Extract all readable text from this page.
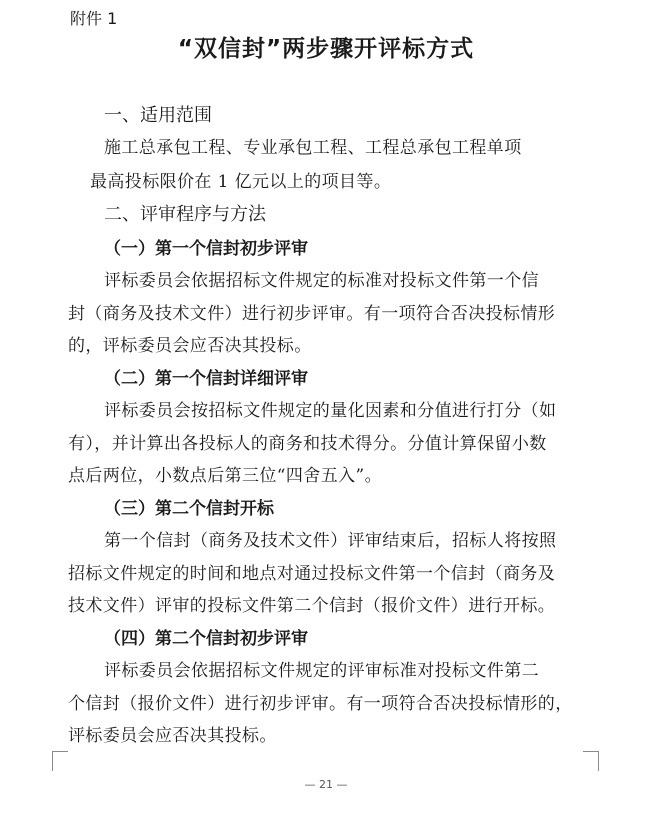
附件 1
“双信封”两步骤开评标方式
一、适用范围
施工总承包工程、专业承包工程、工程总承包工程单项
最高投标限价在 1 亿元以上的项目等。
二、评审程序与方法
（一）第一个信封初步评审
评标委员会依据招标文件规定的标准对投标文件第一个信
封（商务及技术文件）进行初步评审。有一项符合否决投标情形
的，评标委员会应否决其投标。
（二）第一个信封详细评审
评标委员会按招标文件规定的量化因素和分值进行打分（如
有），并计算出各投标人的商务和技术得分。分值计算保留小数
点后两位，小数点后第三位“四舍五入”。
（三）第二个信封开标
第一个信封（商务及技术文件）评审结束后，招标人将按照
招标文件规定的时间和地点对通过投标文件第一个信封（商务及
技术文件）评审的投标文件第二个信封（报价文件）进行开标。
（四）第二个信封初步评审
评标委员会依据招标文件规定的评审标准对投标文件第二
个信封（报价文件）进行初步评审。有一项符合否决投标情形的，
评标委员会应否决其投标。
— 21 —
